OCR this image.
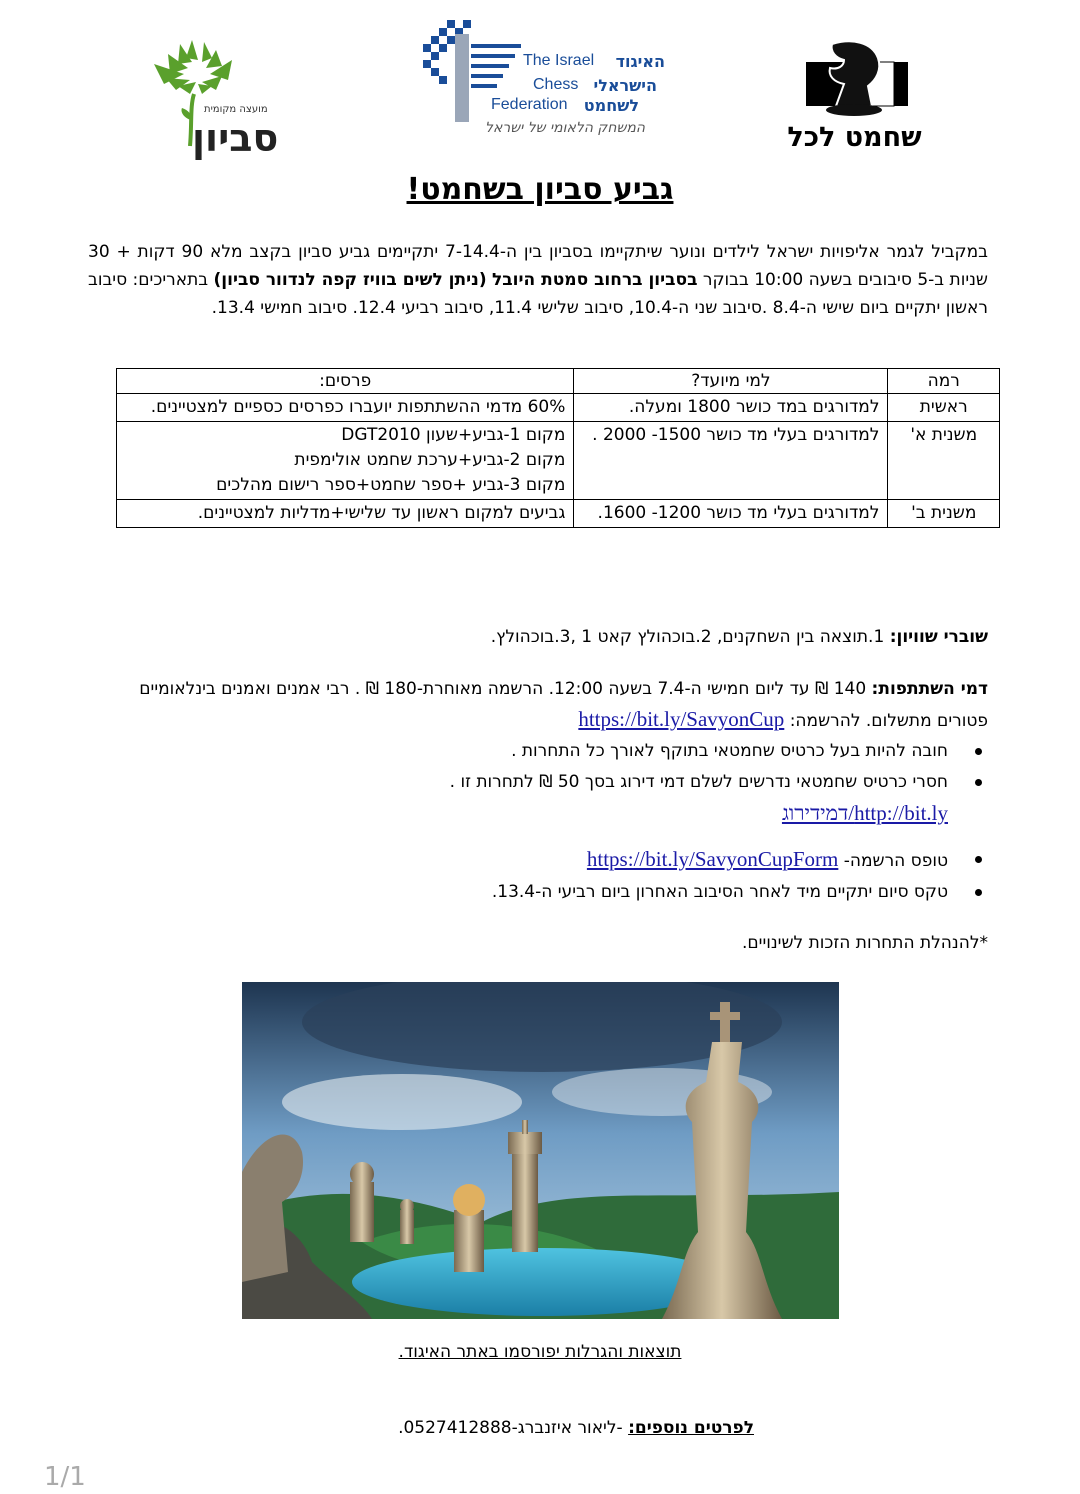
מועצה מקומית
סביון
The Israel
Chess
Federation
האיגוד
הישראלי
לשחמט
המשחק הלאומי של ישראל	שחמט לכל
גביע סביון בשחמט!

במקביל לגמר אליפויות ישראל לילדים ונוער שיתקיימו בסביון בין ה-7-14.4 יתקיימים גביע סביון בקצב מלא 90 דקות + 30 שניות ב-5 סיבובים בשעה 10:00 בבוקר בסביון ברחוב סמטת היובל (ניתן לשים בוויז קפה לנדוור סביון) בתאריכים: סיבוב ראשון יתקיים ביום שישי ה-8.4 .סיבוב שני ה-10.4, סיבוב שלישי 11.4, סיבוב רביעי 12.4. סיבוב חמישי 13.4.

רמה	למי מיועד?	פרסים:
ראשית	למדורגים במד כושר 1800 ומעלה.	60% מדמי ההשתתפות יועברו כפרסים כספיים למצטיינים.

משנית א'	למדורגים בעלי מד כושר 1500- 2000 .	מקום 1-גביע+שעון DGT2010
מקום 2-גביע+ערכת שחמט אולימפית
מקום 3-גביע +ספר שחמט+ספר רישום מהלכים

משנית ב'	למדורגים בעלי מד כושר 1200- 1600.	גביעים למקום ראשון עד שלישי+מדליות למצטיינים.
שוברי שוויון: 1.תוצאה בין השחקנים, 2.בוכהולץ קאט 1 ,3.בוכהולץ.
דמי השתתפות: 140 ₪ עד ליום חמישי ה-7.4 בשעה 12:00. הרשמה מאוחרת-180 ₪ . רבי אמנים ואמנים בינלאומיים פטורים מתשלום. להרשמה: https://bit.ly/SavyonCup
חובה להיות בעל כרטיס שחמטאי בתוקף לאורך כל התחרות .
חסרי כרטיס שחמטאי נדרשים לשלם דמי דירוג בסך 50 ₪ לתחרות זו .
http://bit.ly/דמידירוג
טופס הרשמה- https://bit.ly/SavyonCupForm
טקס סיום יתקיים מיד לאחר הסיבוב האחרון ביום רביעי ה-13.4.
*להנהלת התחרות הזכות לשינויים.
תוצאות והגרלות יפורסמו באתר האיגוד.
לפרטים נוספים: -ליאור איזנברג-0527412888.
1/1
